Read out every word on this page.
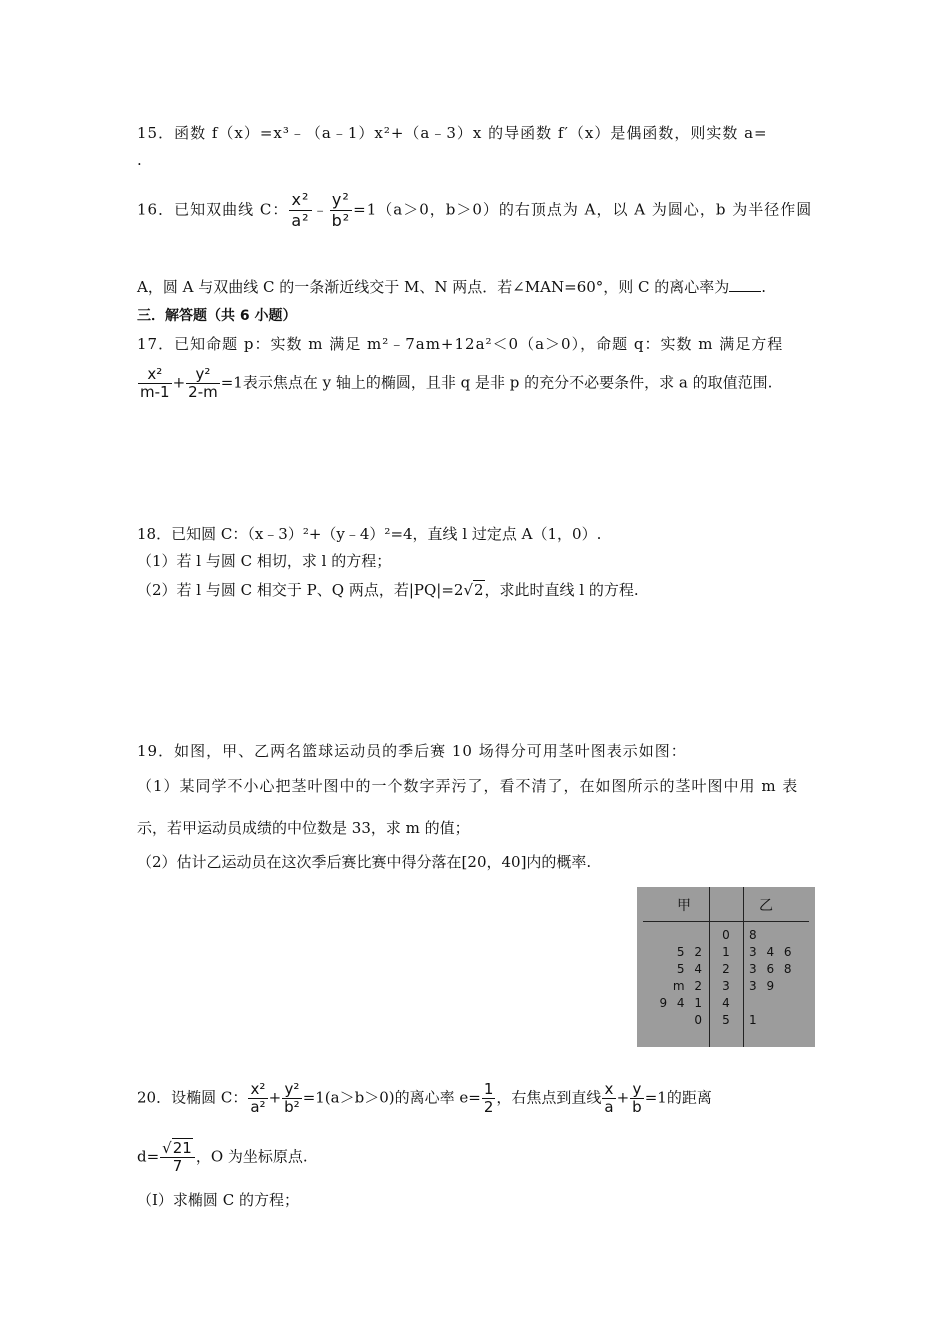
15．函数 f（x）=x³﹣（a﹣1）x²+（a﹣3）x 的导函数 f′（x）是偶函数，则实数 a=
.
16．已知双曲线 C： $\frac{\text{x²}}{\text{a²}}$ ﹣ $\frac{\text{y²}}{\text{b²}} =1(a>0$，b＞0）的右顶点为 A，以 A 为圆心，b 为半径作圆
A，圆 A 与双曲线 C 的一条渐近线交于 M、N 两点．若∠MAN=60°，则 C 的离心率为 .
三．解答题（共 6 小题）
17．已知命题 p：实数 m 满足 m²﹣7am+12a²＜0（a＞0），命题 q：实数 m 满足方程
$\frac{\text{x²}}{m-1} + \frac{\text{y²}}{2-m} =1$表示焦点在 y 轴上的椭圆，且非 q 是非 p 的充分不必要条件，求 a 的取值范围.
18．已知圆 C：（x﹣3）²+（y﹣4）²=4，直线 l 过定点 A（1，0）.
（1）若 l 与圆 C 相切，求 l 的方程；
（2）若 l 与圆 C 相交于 P、Q 两点，若|PQ|=2√2，求此时直线 l 的方程.
19．如图，甲、乙两名篮球运动员的季后赛 10 场得分可用茎叶图表示如图：
（1）某同学不小心把茎叶图中的一个数字弄污了，看不清了，在如图所示的茎叶图中用 m 表
示，若甲运动员成绩的中位数是 33，求 m 的值；
（2）估计乙运动员在这次季后赛比赛中得分落在[20，40]内的概率.
甲	乙
0 8
5 2 1 3 4 6
5 4 2 3 6 8
m 2 3 3 9
9 4 1 4
0 5 1
20．设椭圆 C： $\frac{\text{x²}}{\text{a²}} + \frac{\text{y²}}{\text{b²}} =1(a>b>0)$的离心率 $e= \frac{1}{2}$ ，右焦点到直线 $\frac{x}{a} + \frac{y}{b} =1$的距离
$d= \frac{√21}{7}$ ，O 为坐标原点.
（Ⅰ）求椭圆 C 的方程；
